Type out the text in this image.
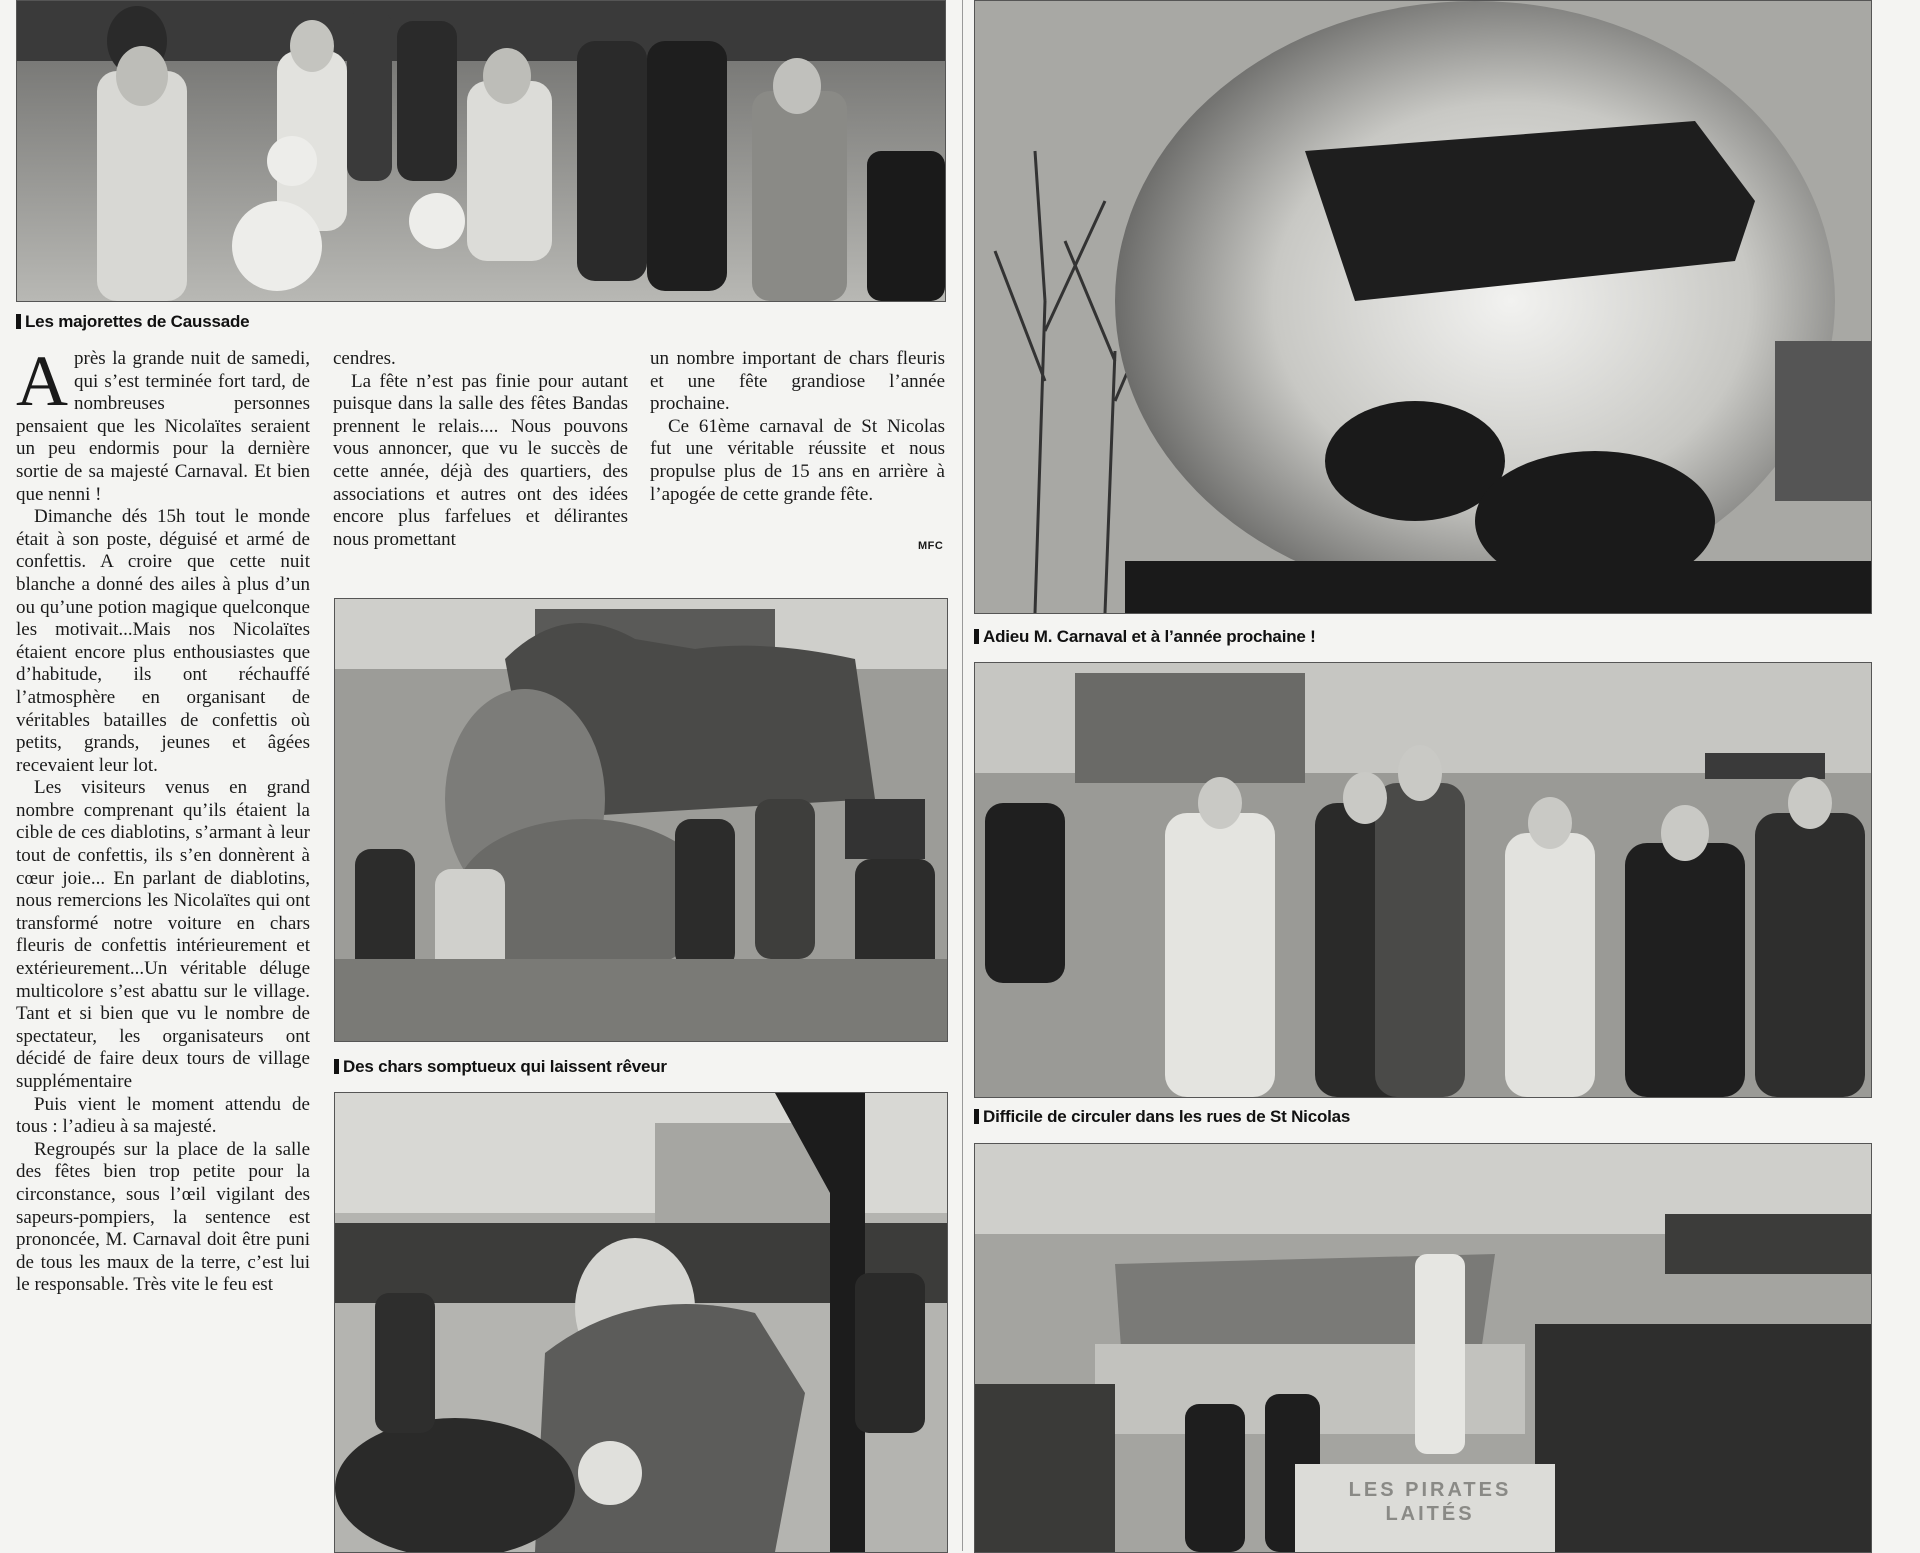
Les majorettes de Caussade

Après la grande nuit de samedi, qui s’est terminée fort tard, de nombreuses personnes pensaient que les Nicolaïtes seraient un peu endormis pour la dernière sortie de sa majesté Carnaval. Et bien que nenni !

Dimanche dés 15h tout le monde était à son poste, déguisé et armé de confettis. A croire que cette nuit blanche a donné des ailes à plus d’un ou qu’une potion magique quelconque les motivait...Mais nos Nicolaïtes étaient encore plus enthousiastes que d’habitude, ils ont réchauffé l’atmosphère en organisant de véritables batailles de confettis où petits, grands, jeunes et âgées recevaient leur lot.

Les visiteurs venus en grand nombre comprenant qu’ils étaient la cible de ces diablotins, s’armant à leur tout de confettis, ils s’en donnèrent à cœur joie... En parlant de diablotins, nous remercions les Nicolaïtes qui ont transformé notre voiture en chars fleuris de confettis intérieurement et extérieurement...Un véritable déluge multicolore s’est abattu sur le village. Tant et si bien que vu le nombre de spectateur, les organisateurs ont décidé de faire deux tours de village supplémentaire

Puis vient le moment attendu de tous : l’adieu à sa majesté.

Regroupés sur la place de la salle des fêtes bien trop petite pour la circonstance, sous l’œil vigilant des sapeurs-pompiers, la sentence est prononcée, M. Carnaval doit être puni de tous les maux de la terre, c’est lui le responsable. Très vite le feu est

cendres.

La fête n’est pas finie pour autant puisque dans la salle des fêtes Bandas prennent le relais.... Nous pouvons vous annoncer, que vu le succès de cette année, déjà des quartiers, des associations et autres ont des idées encore plus farfelues et délirantes nous promettant

un nombre important de chars fleuris et une fête grandiose l’année prochaine.

Ce 61ème carnaval de St Nicolas fut une véritable réussite et nous propulse plus de 15 ans en arrière à l’apogée de cette grande fête.

MFC
Des chars somptueux qui laissent rêveur
Adieu M. Carnaval et à l’année prochaine !
Difficile de circuler dans les rues de St Nicolas
LES PIRATES LAITÉS
